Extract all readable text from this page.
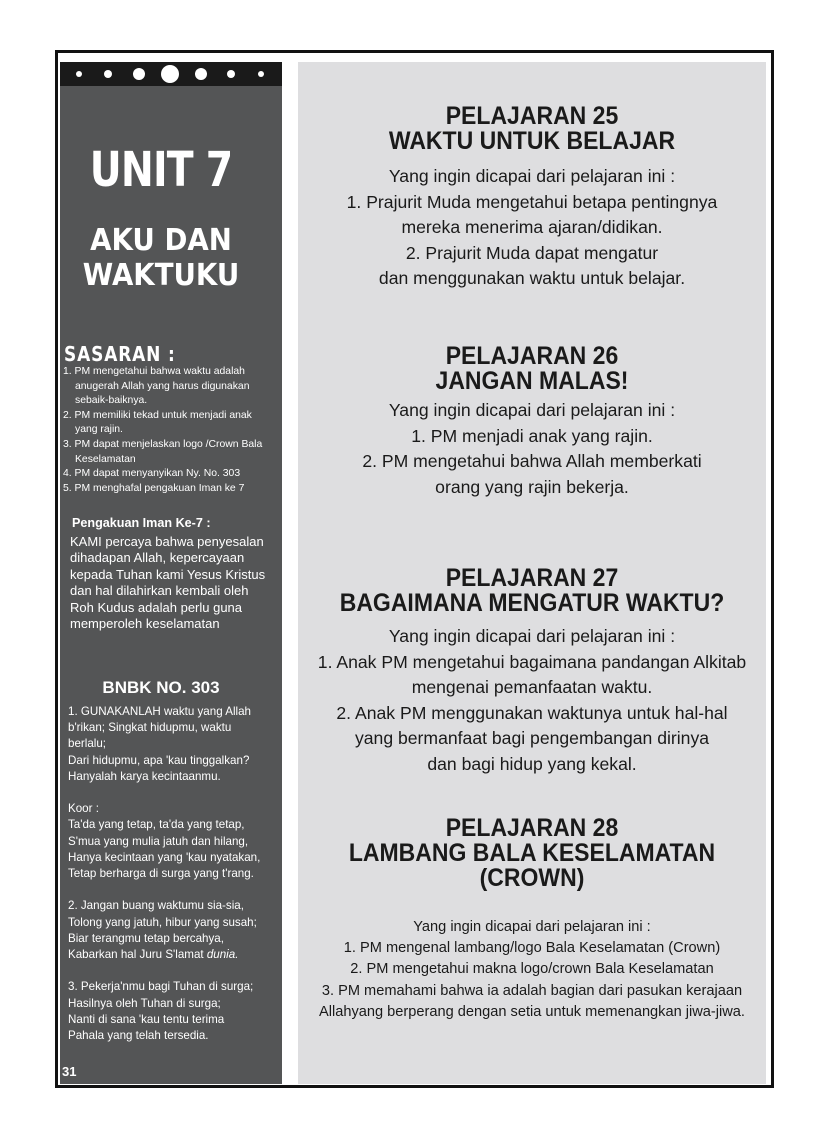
UNIT 7
AKU DAN
WAKTUKU
SASARAN :
1. PM mengetahui bahwa waktu adalah anugerah Allah yang harus digunakan sebaik-baiknya.
2. PM memiliki tekad untuk menjadi anak yang rajin.
3. PM dapat menjelaskan logo /Crown Bala Keselamatan
4. PM dapat menyanyikan Ny. No. 303
5. PM menghafal pengakuan Iman ke 7
Pengakuan Iman Ke-7 :
KAMI percaya bahwa penyesalan dihadapan Allah, kepercayaan kepada Tuhan kami Yesus Kristus dan hal dilahirkan kembali oleh Roh Kudus adalah perlu guna memperoleh keselamatan
BNBK NO. 303

1. GUNAKANLAH waktu yang Allah

b'rikan; Singkat hidupmu, waktu

berlalu;

Dari hidupmu, apa 'kau tinggalkan?

Hanyalah karya kecintaanmu.

Koor :

Ta'da yang tetap, ta'da yang tetap,

S'mua yang mulia jatuh dan hilang,

Hanya kecintaan yang 'kau nyatakan,

Tetap berharga di surga yang t'rang.

2. Jangan buang waktumu sia-sia,

Tolong yang jatuh, hibur yang susah;

Biar terangmu tetap bercahya,

Kabarkan hal Juru S'lamat dunia.

3. Pekerja'nmu bagi Tuhan di surga;

Hasilnya oleh Tuhan di surga;

Nanti di sana 'kau tentu terima

Pahala yang telah tersedia.

31
PELAJARAN 25
WAKTU UNTUK BELAJAR
Yang ingin dicapai dari pelajaran ini :
1. Prajurit Muda mengetahui betapa pentingnya
mereka menerima ajaran/didikan.
2. Prajurit Muda dapat mengatur
dan menggunakan waktu untuk belajar.
PELAJARAN 26
JANGAN MALAS!
Yang ingin dicapai dari pelajaran ini :
1. PM menjadi anak yang rajin.
2. PM mengetahui bahwa Allah memberkati
orang yang rajin bekerja.
PELAJARAN 27
BAGAIMANA MENGATUR WAKTU?
Yang ingin dicapai dari pelajaran ini :
1. Anak PM mengetahui bagaimana pandangan Alkitab
mengenai pemanfaatan waktu.
2. Anak PM menggunakan waktunya untuk hal-hal
yang bermanfaat bagi pengembangan dirinya
dan bagi hidup yang kekal.
PELAJARAN 28
LAMBANG BALA KESELAMATAN
(CROWN)
Yang ingin dicapai dari pelajaran ini :
1. PM mengenal lambang/logo Bala Keselamatan (Crown)
2. PM mengetahui makna logo/crown Bala Keselamatan
3. PM memahami bahwa ia adalah bagian dari pasukan kerajaan
Allahyang berperang dengan setia untuk memenangkan jiwa-jiwa.
